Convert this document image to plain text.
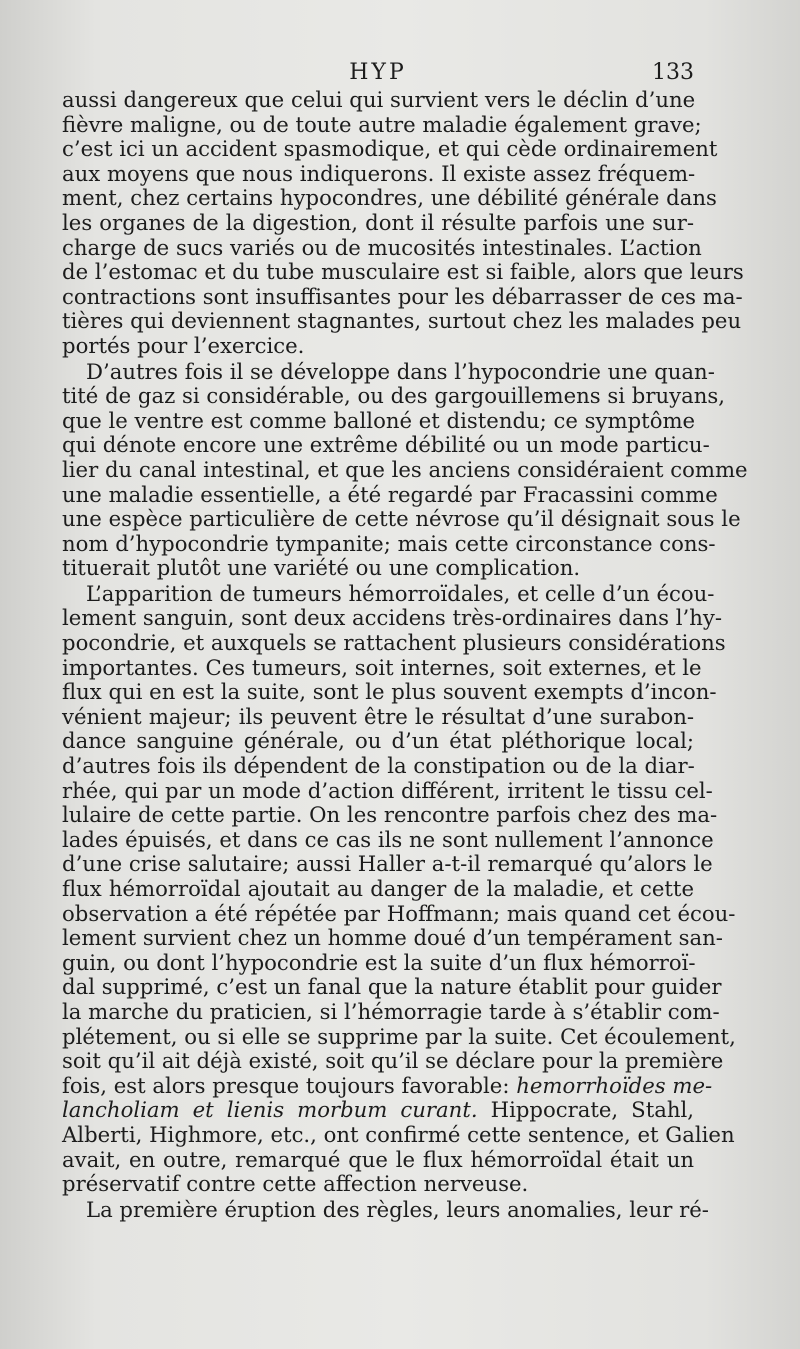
HYP	133
aussi dangereux que celui qui survient vers le déclin d’une
fièvre maligne, ou de toute autre maladie également grave;
c’est ici un accident spasmodique, et qui cède ordinairement
aux moyens que nous indiquerons. Il existe assez fréquem-
ment, chez certains hypocondres, une débilité générale dans
les organes de la digestion, dont il résulte parfois une sur-
charge de sucs variés ou de mucosités intestinales. L’action
de l’estomac et du tube musculaire est si faible, alors que leurs
contractions sont insuffisantes pour les débarrasser de ces ma-
tières qui deviennent stagnantes, surtout chez les malades peu
portés pour l’exercice.
D’autres fois il se développe dans l’hypocondrie une quan-
tité de gaz si considérable, ou des gargouillemens si bruyans,
que le ventre est comme balloné et distendu; ce symptôme
qui dénote encore une extrême débilité ou un mode particu-
lier du canal intestinal, et que les anciens considéraient comme
une maladie essentielle, a été regardé par Fracassini comme
une espèce particulière de cette névrose qu’il désignait sous le
nom d’hypocondrie tympanite; mais cette circonstance cons-
tituerait plutôt une variété ou une complication.
L’apparition de tumeurs hémorroïdales, et celle d’un écou-
lement sanguin, sont deux accidens très-ordinaires dans l’hy-
pocondrie, et auxquels se rattachent plusieurs considérations
importantes. Ces tumeurs, soit internes, soit externes, et le
flux qui en est la suite, sont le plus souvent exempts d’incon-
vénient majeur; ils peuvent être le résultat d’une surabon-
dance sanguine générale, ou d’un état pléthorique local;
d’autres fois ils dépendent de la constipation ou de la diar-
rhée, qui par un mode d’action différent, irritent le tissu cel-
lulaire de cette partie. On les rencontre parfois chez des ma-
lades épuisés, et dans ce cas ils ne sont nullement l’annonce
d’une crise salutaire; aussi Haller a-t-il remarqué qu’alors le
flux hémorroïdal ajoutait au danger de la maladie, et cette
observation a été répétée par Hoffmann; mais quand cet écou-
lement survient chez un homme doué d’un tempérament san-
guin, ou dont l’hypocondrie est la suite d’un flux hémorroï-
dal supprimé, c’est un fanal que la nature établit pour guider
la marche du praticien, si l’hémorragie tarde à s’établir com-
plétement, ou si elle se supprime par la suite. Cet écoulement,
soit qu’il ait déjà existé, soit qu’il se déclare pour la première
fois, est alors presque toujours favorable: hemorrhoïdes me-
lancholiam et lienis morbum curant. Hippocrate, Stahl,
Alberti, Highmore, etc., ont confirmé cette sentence, et Galien
avait, en outre, remarqué que le flux hémorroïdal était un
préservatif contre cette affection nerveuse.
La première éruption des règles, leurs anomalies, leur ré-
